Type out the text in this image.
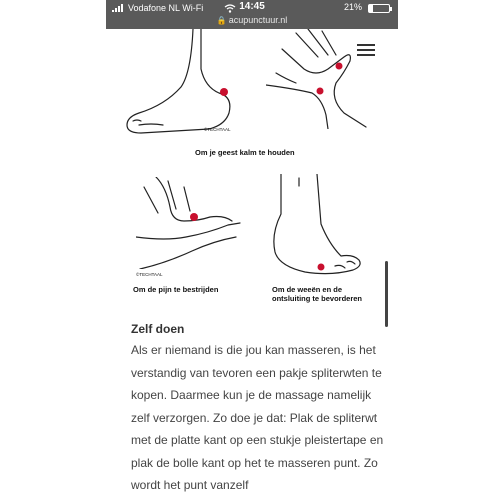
Vodafone NL Wi-Fi	14:45	21%
🔒 acupunctuur.nl
©TECHTAAL
Om je geest kalm te houden
©TECHTAAL
Om de pijn te bestrijden	Om de weeën en de ontsluiting te bevorderen
Zelf doen

Als er niemand is die jou kan masseren, is het verstandig van tevoren een pakje spliterwten te kopen. Daarmee kun je de massage namelijk zelf verzorgen. Zo doe je dat: Plak de spliterwt met de platte kant op een stukje pleistertape en plak de bolle kant op het te masseren punt. Zo wordt het punt vanzelf
